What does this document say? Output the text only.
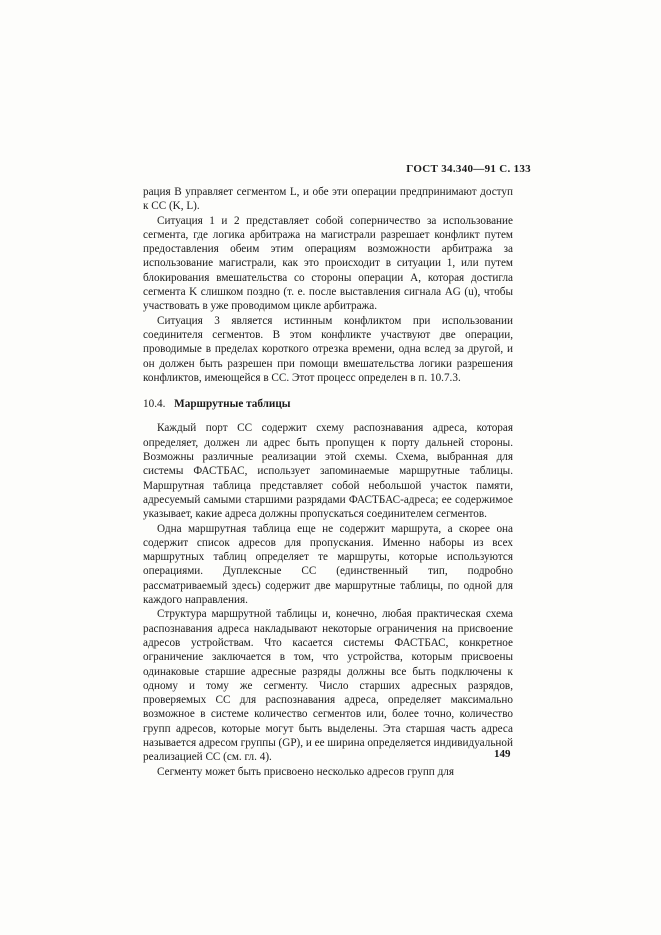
ГОСТ 34.340—91 С. 133

рация В управляет сегментом L, и обе эти операции предпринимают доступ к СС (K, L).

Ситуация 1 и 2 представляет собой соперничество за использование сегмента, где логика арбитража на магистрали разрешает конфликт путем предоставления обеим этим операциям возможности арбитража за использование магистрали, как это происходит в ситуации 1, или путем блокирования вмешательства со стороны операции А, которая достигла сегмента K слишком поздно (т. е. после выставления сигнала AG (u), чтобы участвовать в уже проводимом цикле арбитража.

Ситуация 3 является истинным конфликтом при использовании соединителя сегментов. В этом конфликте участвуют две операции, проводимые в пределах короткого отрезка времени, одна вслед за другой, и он должен быть разрешен при помощи вмешательства логики разрешения конфликтов, имеющейся в СС. Этот процесс определен в п. 10.7.3.

10.4. Маршрутные таблицы

Каждый порт СС содержит схему распознавания адреса, которая определяет, должен ли адрес быть пропущен к порту дальней стороны. Возможны различные реализации этой схемы. Схема, выбранная для системы ФАСТБАС, использует запоминаемые маршрутные таблицы. Маршрутная таблица представляет собой небольшой участок памяти, адресуемый самыми старшими разрядами ФАСТБАС-адреса; ее содержимое указывает, какие адреса должны пропускаться соединителем сегментов.

Одна маршрутная таблица еще не содержит маршрута, а скорее она содержит список адресов для пропускания. Именно наборы из всех маршрутных таблиц определяет те маршруты, которые используются операциями. Дуплексные СС (единственный тип, подробно рассматриваемый здесь) содержит две маршрутные таблицы, по одной для каждого направления.

Структура маршрутной таблицы и, конечно, любая практическая схема распознавания адреса накладывают некоторые ограничения на присвоение адресов устройствам. Что касается системы ФАСТБАС, конкретное ограничение заключается в том, что устройства, которым присвоены одинаковые старшие адресные разряды должны все быть подключены к одному и тому же сегменту. Число старших адресных разрядов, проверяемых СС для распознавания адреса, определяет максимально возможное в системе количество сегментов или, более точно, количество групп адресов, которые могут быть выделены. Эта старшая часть адреса называется адресом группы (GP), и ее ширина определяется индивидуальной реализацией СС (см. гл. 4).

Сегменту может быть присвоено несколько адресов групп для

149
